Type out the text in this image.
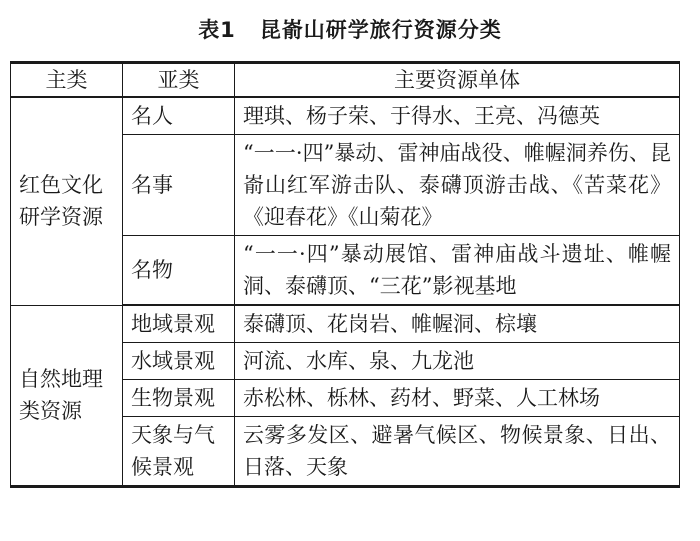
表1 昆嵛山研学旅行资源分类
主类	亚类	主要资源单体
红色文化研学资源	名人	理琪、杨子荣、于得水、王亮、冯德英
	名事	“一一·四”暴动、雷神庙战役、帷幄洞养伤、昆嵛山红军游击队、泰礴顶游击战、《苦菜花》《迎春花》《山菊花》
	名物	“一一·四”暴动展馆、雷神庙战斗遗址、帷幄洞、泰礴顶、“三花”影视基地
自然地理类资源	地域景观	泰礴顶、花岗岩、帷幄洞、棕壤
	水域景观	河流、水库、泉、九龙池
	生物景观	赤松林、栎林、药材、野菜、人工林场
	天象与气候景观	云雾多发区、避暑气候区、物候景象、日出、日落、天象
